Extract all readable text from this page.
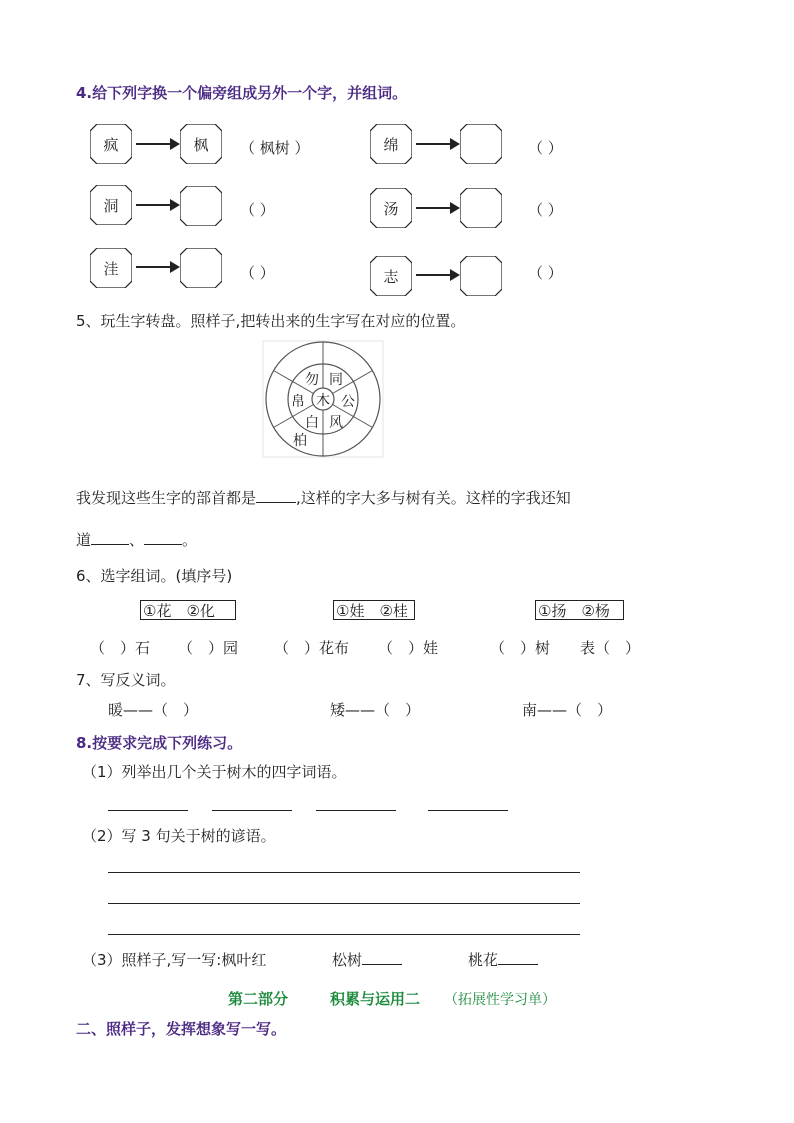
4.给下列字换一个偏旁组成另外一个字，并组词。
疯	枫	（ 枫树 ）	绵	（ ）
洞	（ ）	汤	（ ）
洼	（ ）	志	（ ）
5、玩生字转盘。照样子,把转出来的生字写在对应的位置。
木
同
公
风
白
帛
勿
柏
我发现这些生字的部首都是	,这样的字大多与树有关。这样的字我还知
道	、	。
6、选字组词。(填序号)
①花　②化	①娃　②桂	①扬　②杨
（　）石 （　）园 （　）花布 （　）娃	（　）树 表（　）
7、写反义词。
暖——（　）	矮——（　）	南——（　）
8.按要求完成下列练习。
（1）列举出几个关于树木的四字词语。
（2）写 3 句关于树的谚语。
（3）照样子,写一写:枫叶红	松树	桃花
第二部分	积累与运用二 （拓展性学习单）
二、照样子，发挥想象写一写。
